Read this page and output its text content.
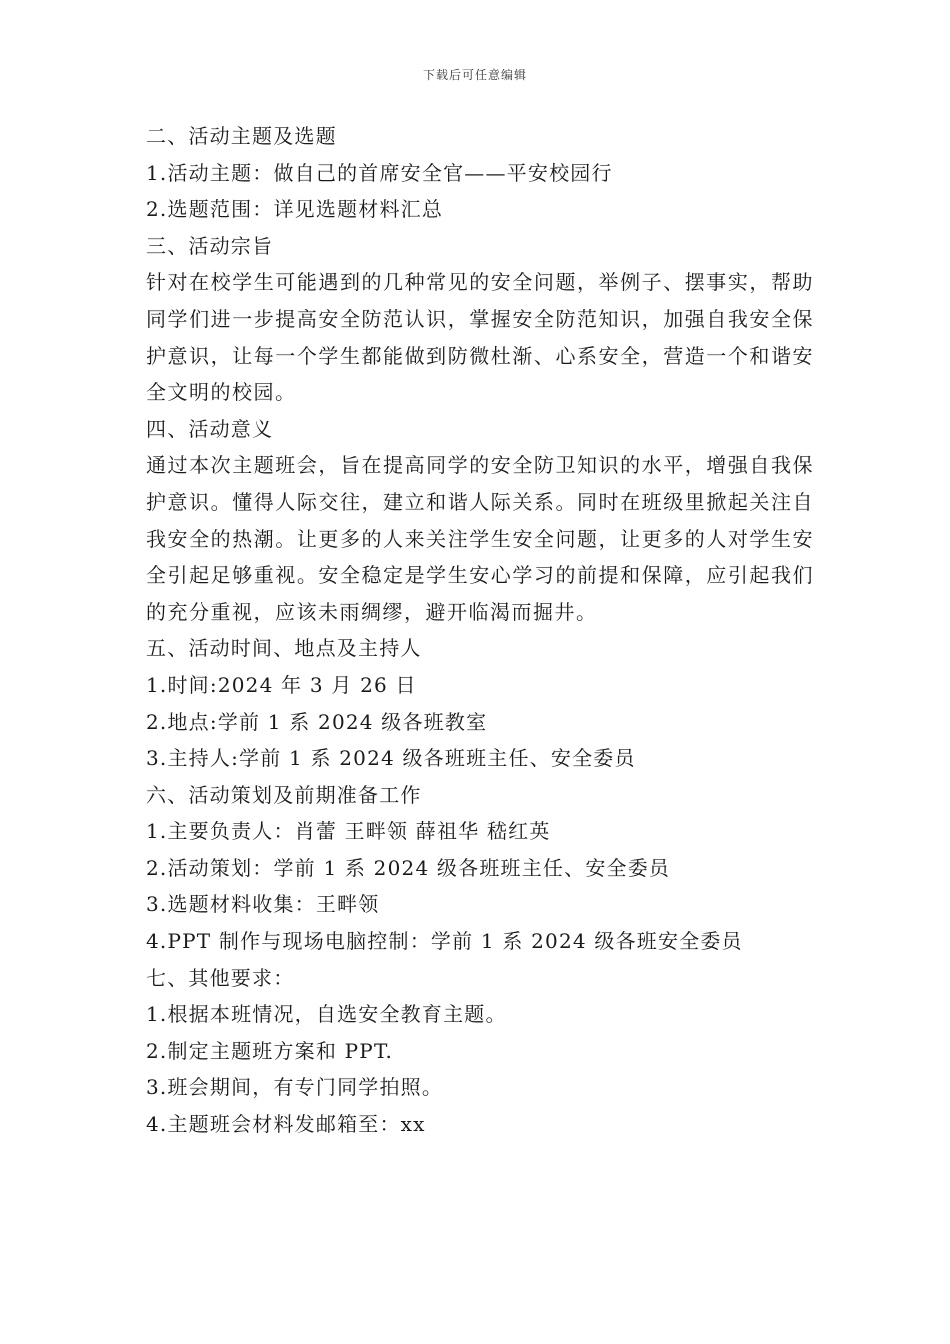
下载后可任意编辑
二、活动主题及选题
1.活动主题：做自己的首席安全官——平安校园行
2.选题范围：详见选题材料汇总
三、活动宗旨
针对在校学生可能遇到的几种常见的安全问题，举例子、摆事实，帮助同学们进一步提高安全防范认识，掌握安全防范知识，加强自我安全保护意识，让每一个学生都能做到防微杜渐、心系安全，营造一个和谐安全文明的校园。
四、活动意义
通过本次主题班会，旨在提高同学的安全防卫知识的水平，增强自我保护意识。懂得人际交往，建立和谐人际关系。同时在班级里掀起关注自我安全的热潮。让更多的人来关注学生安全问题，让更多的人对学生安全引起足够重视。安全稳定是学生安心学习的前提和保障，应引起我们的充分重视，应该未雨绸缪，避开临渴而掘井。
五、活动时间、地点及主持人
1.时间:2024 年 3 月 26 日
2.地点:学前 1 系 2024 级各班教室
3.主持人:学前 1 系 2024 级各班班主任、安全委员
六、活动策划及前期准备工作
1.主要负责人：肖蕾 王畔领 薛祖华 嵇红英
2.活动策划：学前 1 系 2024 级各班班主任、安全委员
3.选题材料收集：王畔领
4.PPT 制作与现场电脑控制：学前 1 系 2024 级各班安全委员
七、其他要求：
1.根据本班情况，自选安全教育主题。
2.制定主题班方案和 PPT.
3.班会期间，有专门同学拍照。
4.主题班会材料发邮箱至：xx
